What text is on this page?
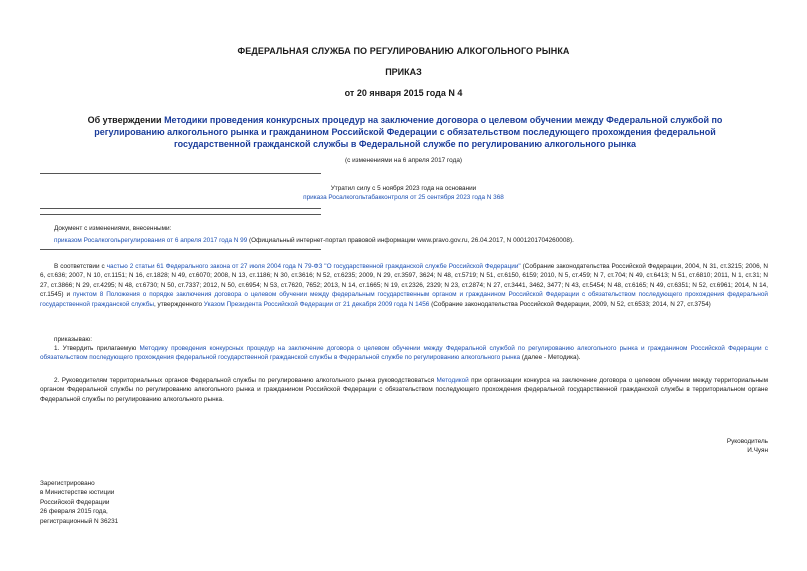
ФЕДЕРАЛЬНАЯ СЛУЖБА ПО РЕГУЛИРОВАНИЮ АЛКОГОЛЬНОГО РЫНКА
ПРИКАЗ
от 20 января 2015 года N 4
Об утверждении Методики проведения конкурсных процедур на заключение договора о целевом обучении между Федеральной службой по регулированию алкогольного рынка и гражданином Российской Федерации с обязательством последующего прохождения федеральной государственной гражданской службы в Федеральной службе по регулированию алкогольного рынка
(с изменениями на 6 апреля 2017 года)
Утратил силу с 5 ноября 2023 года на основании
приказа Росалкогольтабакконтроля от 25 сентября 2023 года N 368
Документ с изменениями, внесенными:
приказом Росалкогольрегулирования от 6 апреля 2017 года N 99 (Официальный интернет-портал правовой информации www.pravo.gov.ru, 26.04.2017, N 0001201704260008).
В соответствии с частью 2 статьи 61 Федерального закона от 27 июля 2004 года N 79-ФЗ "О государственной гражданской службе Российской Федерации" (Собрание законодательства Российской Федерации, 2004, N 31, ст.3215; 2006, N 6, ст.636; 2007, N 10, ст.1151; N 16, ст.1828; N 49, ст.6070; 2008, N 13, ст.1186; N 30, ст.3616; N 52, ст.6235; 2009, N 29, ст.3597, 3624; N 48, ст.5719; N 51, ст.6150, 6159; 2010, N 5, ст.459; N 7, ст.704; N 49, ст.6413; N 51, ст.6810; 2011, N 1, ст.31; N 27, ст.3866; N 29, ст.4295; N 48, ст.6730; N 50, ст.7337; 2012, N 50, ст.6954; N 53, ст.7620, 7652; 2013, N 14, ст.1665; N 19, ст.2326, 2329; N 23, ст.2874; N 27, ст.3441, 3462, 3477; N 43, ст.5454; N 48, ст.6165; N 49, ст.6351; N 52, ст.6961; 2014, N 14, ст.1545) и пунктом 8 Положения о порядке заключения договора о целевом обучении между федеральным государственным органом и гражданином Российской Федерации с обязательством последующего прохождения федеральной государственной гражданской службы, утвержденного Указом Президента Российской Федерации от 21 декабря 2009 года N 1456 (Собрание законодательства Российской Федерации, 2009, N 52, ст.6533; 2014, N 27, ст.3754)
приказываю:
1. Утвердить прилагаемую Методику проведения конкурсных процедур на заключение договора о целевом обучении между Федеральной службой по регулированию алкогольного рынка и гражданином Российской Федерации с обязательством последующего прохождения федеральной государственной гражданской службы в Федеральной службе по регулированию алкогольного рынка (далее - Методика).
2. Руководителям территориальных органов Федеральной службы по регулированию алкогольного рынка руководствоваться Методикой при организации конкурса на заключение договора о целевом обучении между территориальным органом Федеральной службы по регулированию алкогольного рынка и гражданином Российской Федерации с обязательством последующего прохождения федеральной государственной гражданской службы в территориальном органе Федеральной службы по регулированию алкогольного рынка.
Руководитель
И.Чуян
Зарегистрировано
в Министерстве юстиции
Российской Федерации
26 февраля 2015 года,
регистрационный N 36231
